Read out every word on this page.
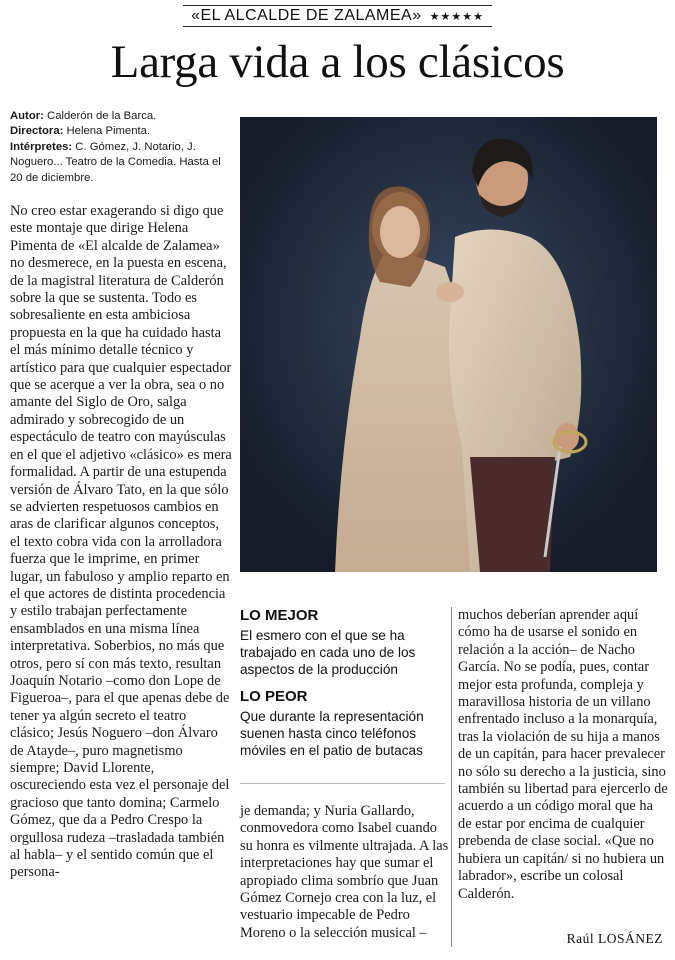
«EL ALCALDE DE ZALAMEA» ★★★★★
Larga vida a los clásicos
Autor: Calderón de la Barca.
Directora: Helena Pimenta.
Intérpretes: C. Gómez, J. Notario, J. Noguero... Teatro de la Comedia. Hasta el 20 de diciembre.

No creo estar exagerando si digo que este montaje que dirige Helena Pimenta de «El alcalde de Zalamea» no desmerece, en la puesta en escena, de la magistral literatura de Calderón sobre la que se sustenta. Todo es sobresaliente en esta ambiciosa propuesta en la que ha cuidado hasta el más mínimo detalle técnico y artístico para que cualquier espectador que se acerque a ver la obra, sea o no amante del Siglo de Oro, salga admirado y sobrecogido de un espectáculo de teatro con mayúsculas en el que el adjetivo «clásico» es mera formalidad. A partir de una estupenda versión de Álvaro Tato, en la que sólo se advierten respetuosos cambios en aras de clarificar algunos conceptos, el texto cobra vida con la arrolladora fuerza que le imprime, en primer lugar, un fabuloso y amplio reparto en el que actores de distinta procedencia y estilo trabajan perfectamente ensamblados en una misma línea interpretativa. Soberbios, no más que otros, pero sí con más texto, resultan Joaquín Notario –como don Lope de Figueroa–, para el que apenas debe de tener ya algún secreto el teatro clásico; Jesús Noguero –don Álvaro de Atayde–, puro magnetismo siempre; David Llorente, oscureciendo esta vez el personaje del gracioso que tanto domina; Carmelo Gómez, que da a Pedro Crespo la orgullosa rudeza –trasladada también al habla– y el sentido común que el persona-

LO MEJOR

El esmero con el que se ha trabajado en cada uno de los aspectos de la producción

LO PEOR

Que durante la representación suenen hasta cinco teléfonos móviles en el patio de butacas

je demanda; y Nuria Gallardo, conmovedora como Isabel cuando su honra es vilmente ultrajada. A las interpretaciones hay que sumar el apropiado clima sombrío que Juan Gómez Cornejo crea con la luz, el vestuario impecable de Pedro Moreno o la selección musical –

muchos deberían aprender aquí cómo ha de usarse el sonido en relación a la acción– de Nacho García. No se podía, pues, contar mejor esta profunda, compleja y maravillosa historia de un villano enfrentado incluso a la monarquía, tras la violación de su hija a manos de un capitán, para hacer prevalecer no sólo su derecho a la justicia, sino también su libertad para ejercerlo de acuerdo a un código moral que ha de estar por encima de cualquier prebenda de clase social. «Que no hubiera un capitán/ si no hubiera un labrador», escribe un colosal Calderón.

Raúl LOSÁNEZ
